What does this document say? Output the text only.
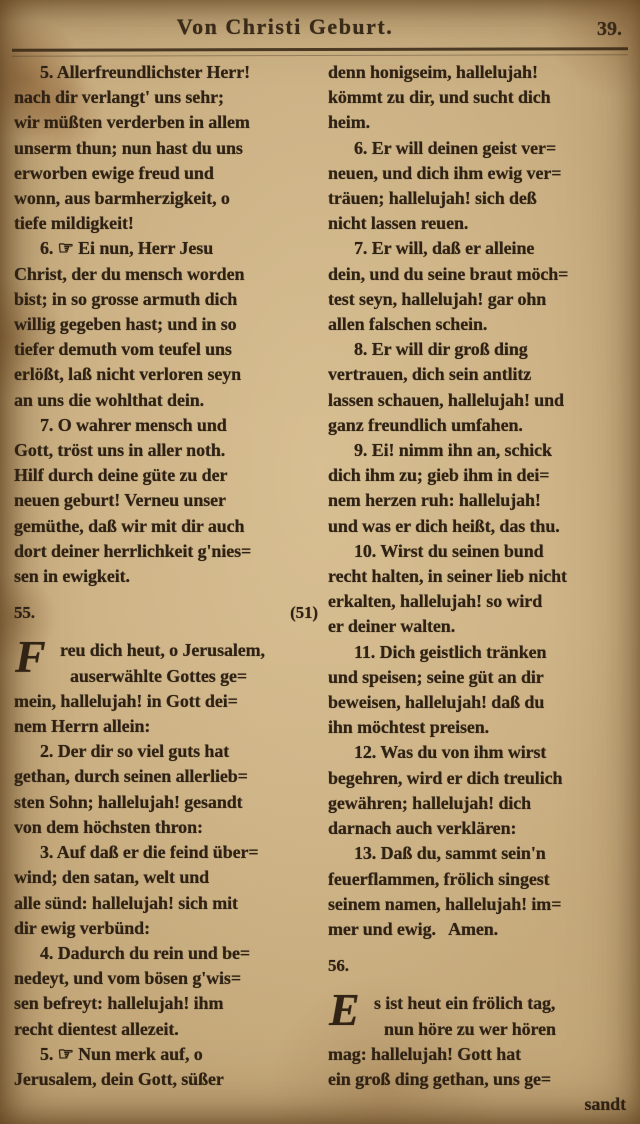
Von Christi Geburt.	39.
5. Allerfreundlichster Herr!
nach dir verlangt' uns sehr;
wir müßten verderben in allem
unserm thun; nun hast du uns
erworben ewige freud und
wonn, aus barmherzigkeit, o
tiefe mildigkeit!
6. ☞ Ei nun, Herr Jesu
Christ, der du mensch worden
bist; in so grosse armuth dich
willig gegeben hast; und in so
tiefer demuth vom teufel uns
erlößt, laß nicht verloren seyn
an uns die wohlthat dein.
7. O wahrer mensch und
Gott, tröst uns in aller noth.
Hilf durch deine güte zu der
neuen geburt! Verneu unser
gemüthe, daß wir mit dir auch
dort deiner herrlichkeit g'nies=
sen in ewigkeit.
55.	(51)
F reu dich heut, o Jerusalem,
auserwählte Gottes ge=
mein, hallelujah! in Gott dei=
nem Herrn allein:
2. Der dir so viel guts hat
gethan, durch seinen allerlieb=
sten Sohn; hallelujah! gesandt
von dem höchsten thron:
3. Auf daß er die feind über=
wind; den satan, welt und
alle sünd: hallelujah! sich mit
dir ewig verbünd:
4. Dadurch du rein und be=
nedeyt, und vom bösen g'wis=
sen befreyt: hallelujah! ihm
recht dientest allezeit.
5. ☞ Nun merk auf, o
Jerusalem, dein Gott, süßer
denn honigseim, hallelujah!
kömmt zu dir, und sucht dich
heim.
6. Er will deinen geist ver=
neuen, und dich ihm ewig ver=
träuen; hallelujah! sich deß
nicht lassen reuen.
7. Er will, daß er alleine
dein, und du seine braut möch=
test seyn, hallelujah! gar ohn
allen falschen schein.
8. Er will dir groß ding
vertrauen, dich sein antlitz
lassen schauen, hallelujah! und
ganz freundlich umfahen.
9. Ei! nimm ihn an, schick
dich ihm zu; gieb ihm in dei=
nem herzen ruh: hallelujah!
und was er dich heißt, das thu.
10. Wirst du seinen bund
recht halten, in seiner lieb nicht
erkalten, hallelujah! so wird
er deiner walten.
11. Dich geistlich tränken
und speisen; seine güt an dir
beweisen, hallelujah! daß du
ihn möchtest preisen.
12. Was du von ihm wirst
begehren, wird er dich treulich
gewähren; hallelujah! dich
darnach auch verklären:
13. Daß du, sammt sein'n
feuerflammen, frölich singest
seinem namen, hallelujah! im=
mer und ewig.   Amen.
56.
E s ist heut ein frölich tag,
nun höre zu wer hören
mag: hallelujah! Gott hat
ein groß ding gethan, uns ge=
sandt
